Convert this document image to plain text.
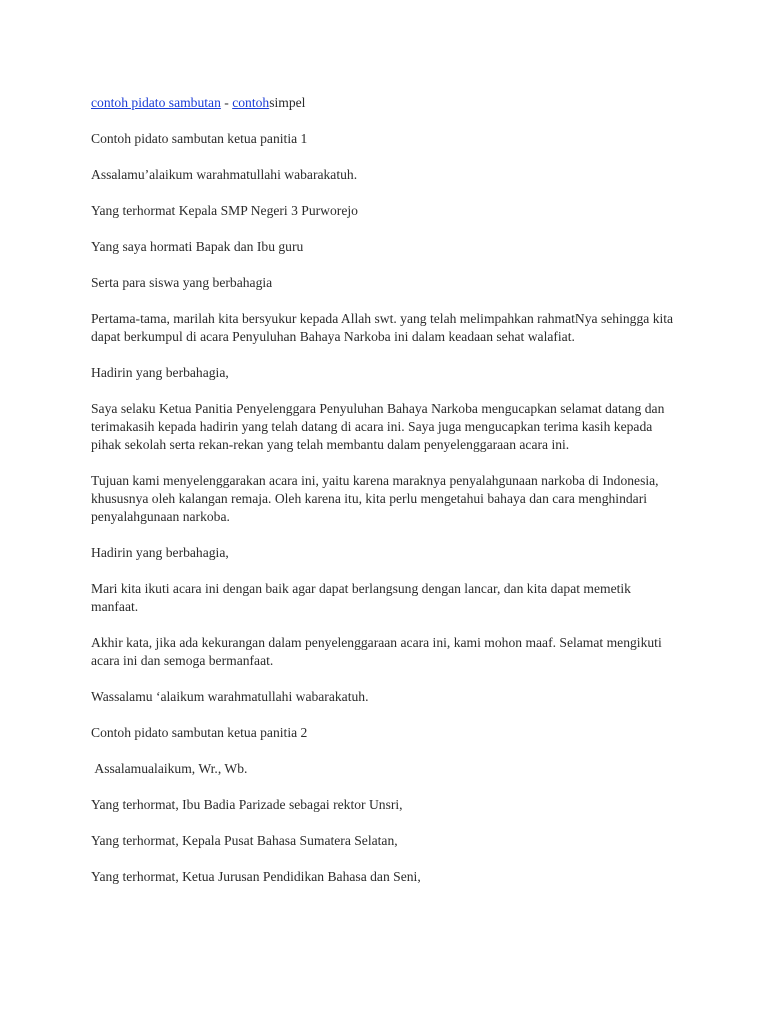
contoh pidato sambutan - contohsimpel

Contoh pidato sambutan ketua panitia 1

Assalamu’alaikum warahmatullahi wabarakatuh.

Yang terhormat Kepala SMP Negeri 3 Purworejo

Yang saya hormati Bapak dan Ibu guru

Serta para siswa yang berbahagia

Pertama-tama, marilah kita bersyukur kepada Allah swt. yang telah melimpahkan rahmatNya sehingga kita dapat berkumpul di acara Penyuluhan Bahaya Narkoba ini dalam keadaan sehat walafiat.

Hadirin yang berbahagia,

Saya selaku Ketua Panitia Penyelenggara Penyuluhan Bahaya Narkoba mengucapkan selamat datang dan terimakasih kepada hadirin yang telah datang di acara ini. Saya juga mengucapkan terima kasih kepada pihak sekolah serta rekan-rekan yang telah membantu dalam penyelenggaraan acara ini.

Tujuan kami menyelenggarakan acara ini, yaitu karena maraknya penyalahgunaan narkoba di Indonesia, khususnya oleh kalangan remaja. Oleh karena itu, kita perlu mengetahui bahaya dan cara menghindari penyalahgunaan narkoba.

Hadirin yang berbahagia,

Mari kita ikuti acara ini dengan baik agar dapat berlangsung dengan lancar, dan kita dapat memetik manfaat.

Akhir kata, jika ada kekurangan dalam penyelenggaraan acara ini, kami mohon maaf. Selamat mengikuti acara ini dan semoga bermanfaat.

Wassalamu ‘alaikum warahmatullahi wabarakatuh.

Contoh pidato sambutan ketua panitia 2

Assalamualaikum, Wr., Wb.

Yang terhormat, Ibu Badia Parizade sebagai rektor Unsri,

Yang terhormat, Kepala Pusat Bahasa Sumatera Selatan,

Yang terhormat, Ketua Jurusan Pendidikan Bahasa dan Seni,
